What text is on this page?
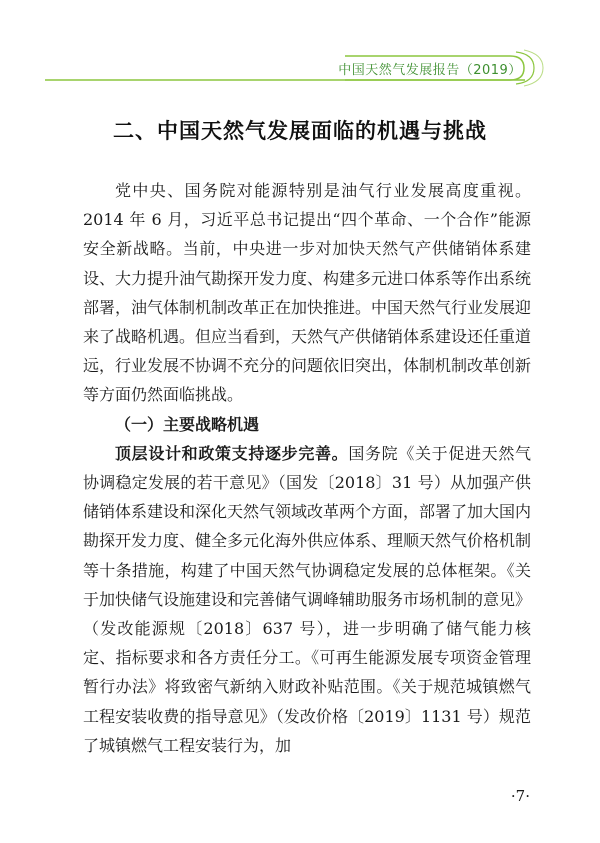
中国天然气发展报告（2019）
二、中国天然气发展面临的机遇与挑战

党中央、国务院对能源特别是油气行业发展高度重视。2014 年 6 月，习近平总书记提出“四个革命、一个合作”能源安全新战略。当前，中央进一步对加快天然气产供储销体系建设、大力提升油气勘探开发力度、构建多元进口体系等作出系统部署，油气体制机制改革正在加快推进。中国天然气行业发展迎来了战略机遇。但应当看到，天然气产供储销体系建设还任重道远，行业发展不协调不充分的问题依旧突出，体制机制改革创新等方面仍然面临挑战。

（一）主要战略机遇

顶层设计和政策支持逐步完善。国务院《关于促进天然气协调稳定发展的若干意见》（国发〔2018〕31 号）从加强产供储销体系建设和深化天然气领域改革两个方面，部署了加大国内勘探开发力度、健全多元化海外供应体系、理顺天然气价格机制等十条措施，构建了中国天然气协调稳定发展的总体框架。《关于加快储气设施建设和完善储气调峰辅助服务市场机制的意见》（发改能源规〔2018〕637 号），进一步明确了储气能力核定、指标要求和各方责任分工。《可再生能源发展专项资金管理暂行办法》将致密气新纳入财政补贴范围。《关于规范城镇燃气工程安装收费的指导意见》（发改价格〔2019〕1131 号）规范了城镇燃气工程安装行为，加

·7·
